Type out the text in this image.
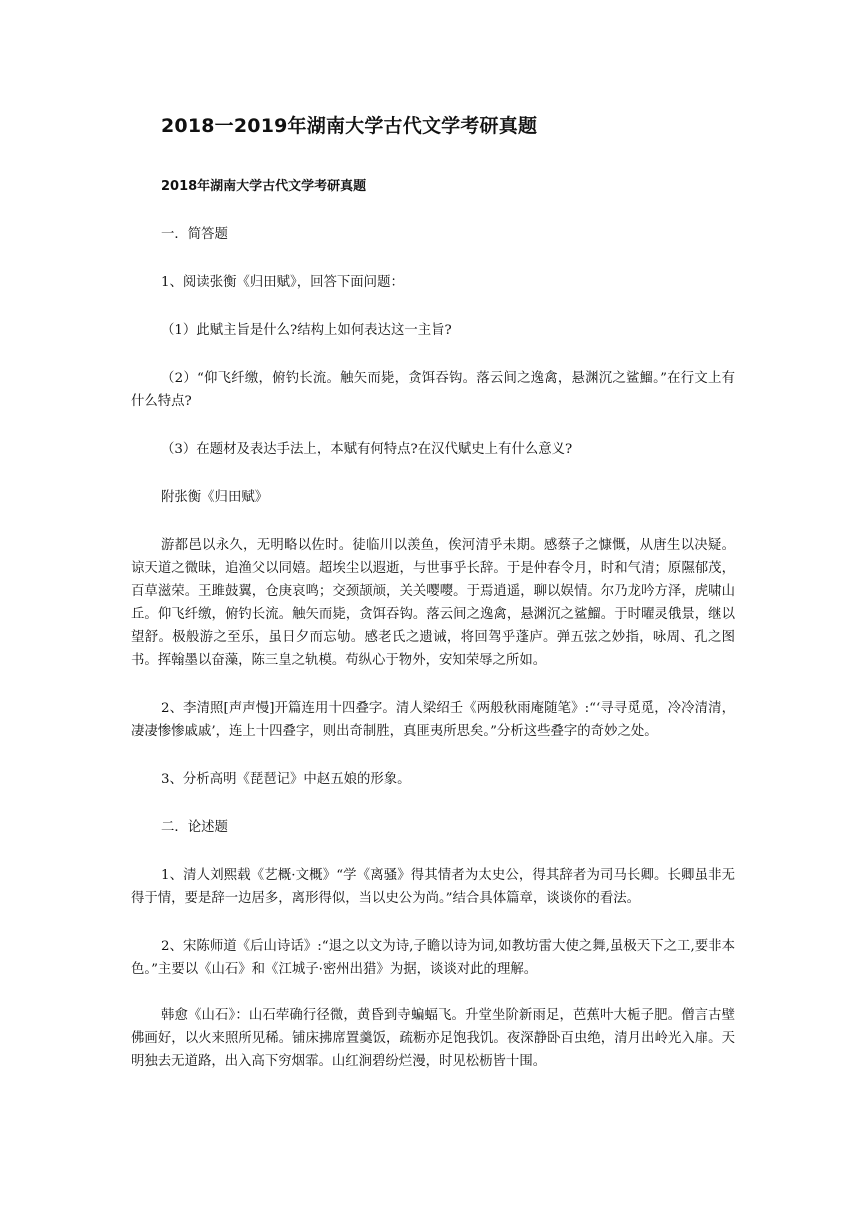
2018一2019年湖南大学古代文学考研真题
2018年湖南大学古代文学考研真题

一．简答题

1、阅读张衡《归田赋》，回答下面问题：

（1）此赋主旨是什么?结构上如何表达这一主旨?

（2）“仰飞纤缴，俯钓长流。触矢而毙，贪饵吞钩。落云间之逸禽，悬渊沉之鲨鰡。”在行文上有什么特点?

（3）在题材及表达手法上，本赋有何特点?在汉代赋史上有什么意义?

附张衡《归田赋》

游都邑以永久，无明略以佐时。徒临川以羡鱼，俟河清乎未期。感蔡子之慷慨，从唐生以决疑。谅天道之微昧，追渔父以同嬉。超埃尘以遐逝，与世事乎长辞。于是仲春令月，时和气清；原隰郁茂，百草滋荣。王雎鼓翼，仓庚哀鸣；交颈颉颃，关关嘤嘤。于焉逍遥，聊以娱情。尔乃龙吟方泽，虎啸山丘。仰飞纤缴，俯钓长流。触矢而毙，贪饵吞钩。落云间之逸禽，悬渊沉之鲨鰡。于时曜灵俄景，继以望舒。极般游之至乐，虽日夕而忘劬。感老氏之遗诫，将回驾乎蓬庐。弹五弦之妙指，咏周、孔之图书。挥翰墨以奋藻，陈三皇之轨模。苟纵心于物外，安知荣辱之所如。

2、李清照[声声慢]开篇连用十四叠字。清人梁绍壬《两般秋雨庵随笔》:“‘寻寻觅觅，冷冷清清，凄凄惨惨戚戚’，连上十四叠字，则出奇制胜，真匪夷所思矣。”分析这些叠字的奇妙之处。

3、分析高明《琵琶记》中赵五娘的形象。

二．论述题

1、清人刘熙载《艺概·文概》“学《离骚》得其情者为太史公，得其辞者为司马长卿。长卿虽非无得于情，要是辞一边居多，离形得似，当以史公为尚。”结合具体篇章，谈谈你的看法。

2、宋陈师道《后山诗话》:“退之以文为诗,子瞻以诗为词,如教坊雷大使之舞,虽极天下之工,要非本色。”主要以《山石》和《江城子·密州出猎》为据，谈谈对此的理解。

韩愈《山石》：山石荦确行径微，黄昏到寺蝙蝠飞。升堂坐阶新雨足，芭蕉叶大栀子肥。僧言古壁佛画好，以火来照所见稀。铺床拂席置羹饭，疏粝亦足饱我饥。夜深静卧百虫绝，清月出岭光入扉。天明独去无道路，出入高下穷烟霏。山红涧碧纷烂漫，时见松枥皆十围。
